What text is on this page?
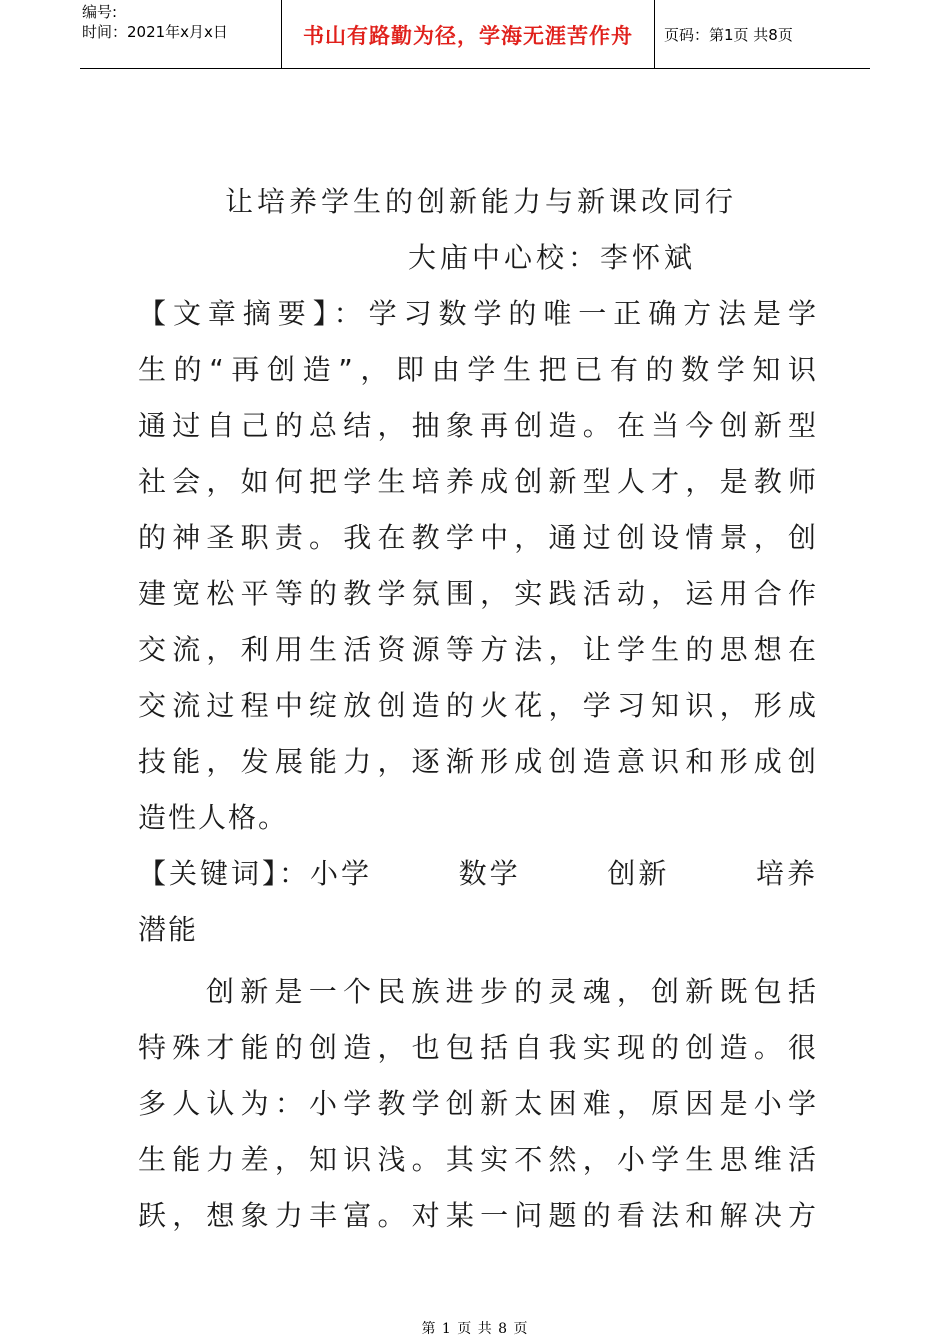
编号:
时间：2021年x月x日	书山有路勤为径，学海无涯苦作舟	页码：第1页 共8页
让培养学生的创新能力与新课改同行
大庙中心校：李怀斌
【文章摘要】：学习数学的唯一正确方法是学
生的“再创造”，即由学生把已有的数学知识
通过自己的总结，抽象再创造。在当今创新型
社会，如何把学生培养成创新型人才，是教师
的神圣职责。我在教学中，通过创设情景，创
建宽松平等的教学氛围，实践活动，运用合作
交流，利用生活资源等方法，让学生的思想在
交流过程中绽放创造的火花，学习知识，形成
技能，发展能力，逐渐形成创造意识和形成创
造性人格。
【关键词】：小学	数学	创新	培养
潜能
创新是一个民族进步的灵魂，创新既包括
特殊才能的创造，也包括自我实现的创造。很
多人认为：小学教学创新太困难，原因是小学
生能力差，知识浅。其实不然，小学生思维活
跃，想象力丰富。对某一问题的看法和解决方
第 1 页 共 8 页
